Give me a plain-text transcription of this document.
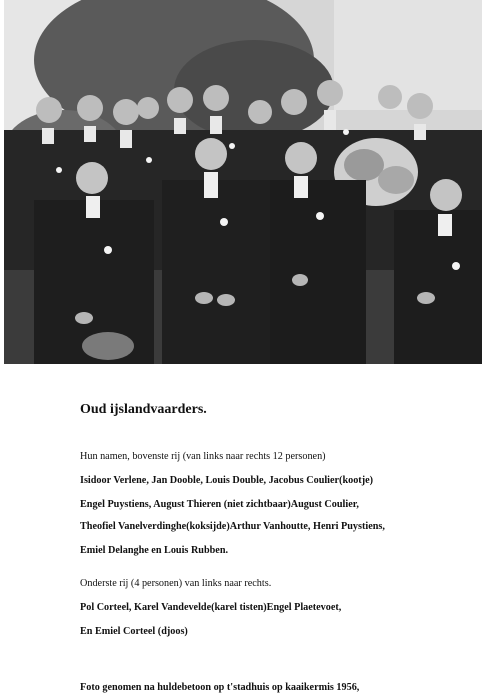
Oud ijslandvaarders.
Hun namen, bovenste rij (van links naar rechts 12 personen)
Isidoor Verlene, Jan Dooble, Louis Double, Jacobus Coulier(kootje)
Engel Puystiens, August Thieren (niet zichtbaar)August Coulier,
Theofiel Vanelverdinghe(koksijde)Arthur Vanhoutte, Henri Puystiens,
Emiel Delanghe en Louis Rubben.
Onderste rij (4 personen) van links naar rechts.
Pol Corteel, Karel Vandevelde(karel tisten)Engel Plaetevoet,
En Emiel Corteel (djoos)
Foto genomen na huldebetoon op t'stadhuis op kaaikermis 1956,
